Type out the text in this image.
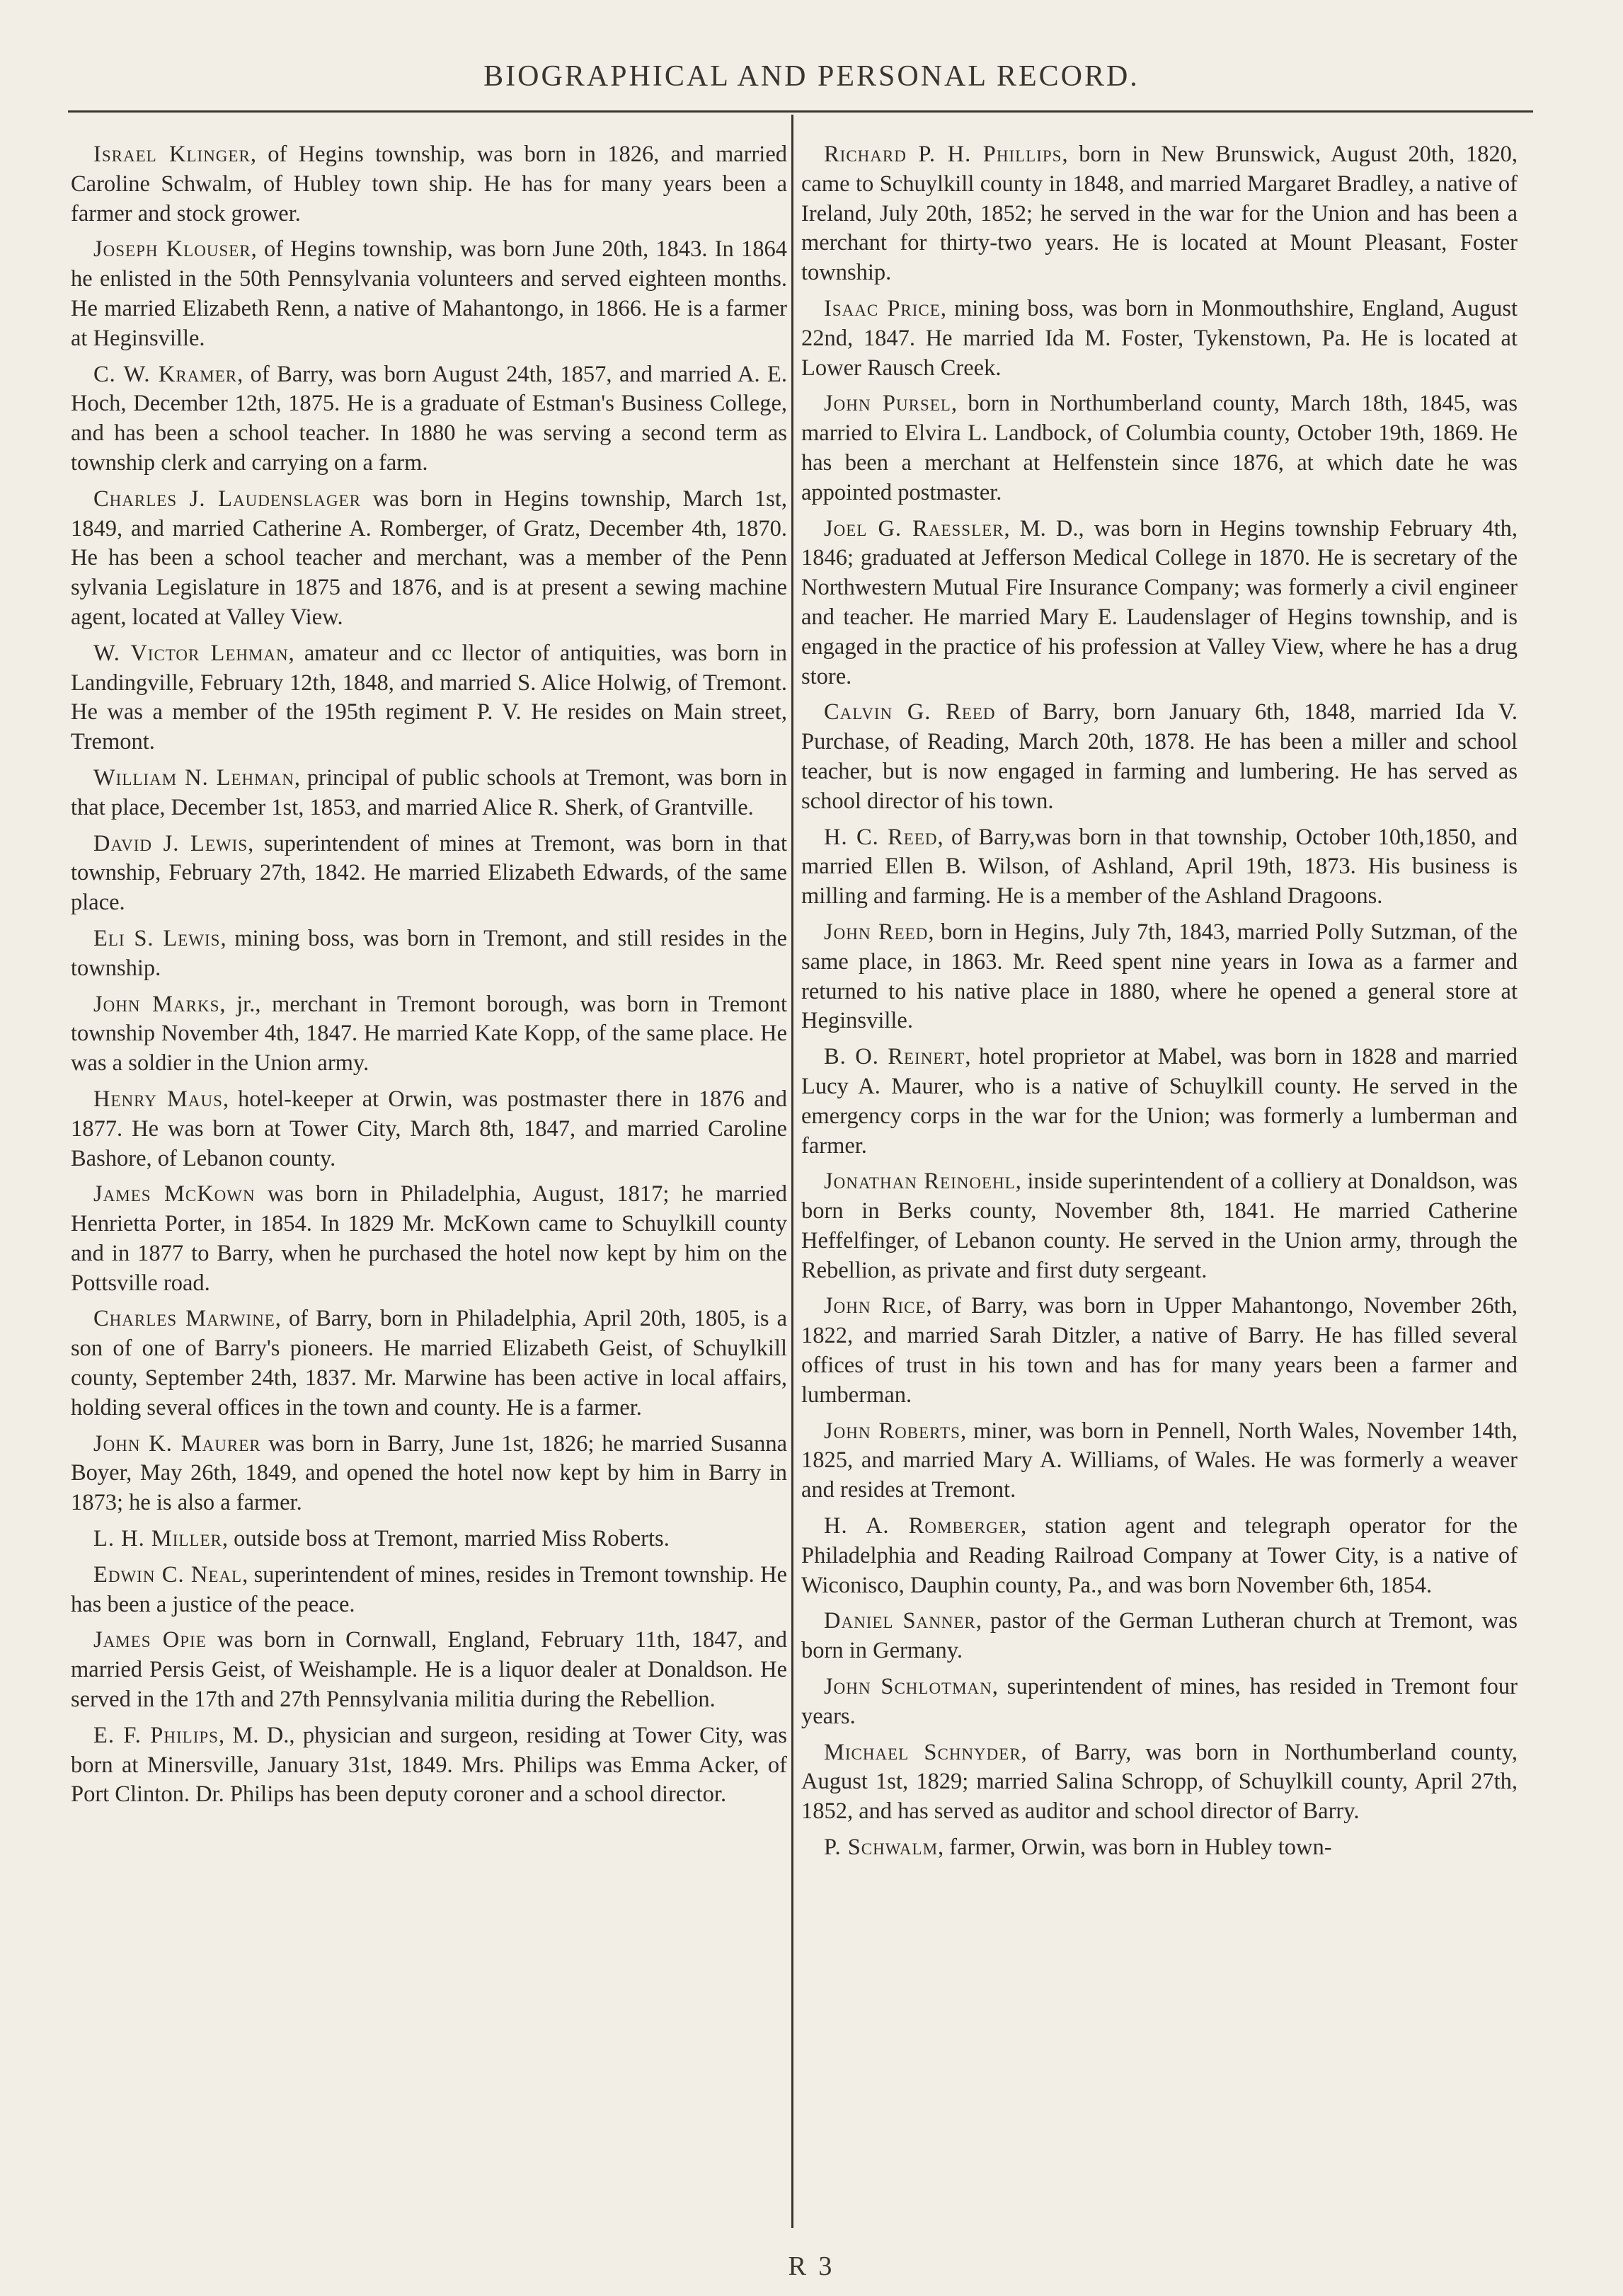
BIOGRAPHICAL AND PERSONAL RECORD.

Israel Klinger, of Hegins township, was born in 1826, and married Caroline Schwalm, of Hubley town ship. He has for many years been a farmer and stock grower.

Joseph Klouser, of Hegins township, was born June 20th, 1843. In 1864 he enlisted in the 50th Pennsylvania volunteers and served eighteen months. He married Elizabeth Renn, a native of Mahantongo, in 1866. He is a farmer at Heginsville.

C. W. Kramer, of Barry, was born August 24th, 1857, and married A. E. Hoch, December 12th, 1875. He is a graduate of Estman's Business College, and has been a school teacher. In 1880 he was serving a second term as township clerk and carrying on a farm.

Charles J. Laudenslager was born in Hegins township, March 1st, 1849, and married Catherine A. Romberger, of Gratz, December 4th, 1870. He has been a school teacher and merchant, was a member of the Penn sylvania Legislature in 1875 and 1876, and is at present a sewing machine agent, located at Valley View.

W. Victor Lehman, amateur and cc llector of antiquities, was born in Landingville, February 12th, 1848, and married S. Alice Holwig, of Tremont. He was a member of the 195th regiment P. V. He resides on Main street, Tremont.

William N. Lehman, principal of public schools at Tremont, was born in that place, December 1st, 1853, and married Alice R. Sherk, of Grantville.

David J. Lewis, superintendent of mines at Tremont, was born in that township, February 27th, 1842. He married Elizabeth Edwards, of the same place.

Eli S. Lewis, mining boss, was born in Tremont, and still resides in the township.

John Marks, jr., merchant in Tremont borough, was born in Tremont township November 4th, 1847. He married Kate Kopp, of the same place. He was a soldier in the Union army.

Henry Maus, hotel-keeper at Orwin, was postmaster there in 1876 and 1877. He was born at Tower City, March 8th, 1847, and married Caroline Bashore, of Lebanon county.

James McKown was born in Philadelphia, August, 1817; he married Henrietta Porter, in 1854. In 1829 Mr. McKown came to Schuylkill county and in 1877 to Barry, when he purchased the hotel now kept by him on the Pottsville road.

Charles Marwine, of Barry, born in Philadelphia, April 20th, 1805, is a son of one of Barry's pioneers. He married Elizabeth Geist, of Schuylkill county, September 24th, 1837. Mr. Marwine has been active in local affairs, holding several offices in the town and county. He is a farmer.

John K. Maurer was born in Barry, June 1st, 1826; he married Susanna Boyer, May 26th, 1849, and opened the hotel now kept by him in Barry in 1873; he is also a farmer.

L. H. Miller, outside boss at Tremont, married Miss Roberts.

Edwin C. Neal, superintendent of mines, resides in Tremont township. He has been a justice of the peace.

James Opie was born in Cornwall, England, February 11th, 1847, and married Persis Geist, of Weishample. He is a liquor dealer at Donaldson. He served in the 17th and 27th Pennsylvania militia during the Rebellion.

E. F. Philips, M. D., physician and surgeon, residing at Tower City, was born at Minersville, January 31st, 1849. Mrs. Philips was Emma Acker, of Port Clinton. Dr. Philips has been deputy coroner and a school director.

Richard P. H. Phillips, born in New Brunswick, August 20th, 1820, came to Schuylkill county in 1848, and married Margaret Bradley, a native of Ireland, July 20th, 1852; he served in the war for the Union and has been a merchant for thirty-two years. He is located at Mount Pleasant, Foster township.

Isaac Price, mining boss, was born in Monmouthshire, England, August 22nd, 1847. He married Ida M. Foster, Tykenstown, Pa. He is located at Lower Rausch Creek.

John Pursel, born in Northumberland county, March 18th, 1845, was married to Elvira L. Landbock, of Columbia county, October 19th, 1869. He has been a merchant at Helfenstein since 1876, at which date he was appointed postmaster.

Joel G. Raessler, M. D., was born in Hegins township February 4th, 1846; graduated at Jefferson Medical College in 1870. He is secretary of the Northwestern Mutual Fire Insurance Company; was formerly a civil engineer and teacher. He married Mary E. Laudenslager of Hegins township, and is engaged in the practice of his profession at Valley View, where he has a drug store.

Calvin G. Reed of Barry, born January 6th, 1848, married Ida V. Purchase, of Reading, March 20th, 1878. He has been a miller and school teacher, but is now engaged in farming and lumbering. He has served as school director of his town.

H. C. Reed, of Barry,was born in that township, October 10th,1850, and married Ellen B. Wilson, of Ashland, April 19th, 1873. His business is milling and farming. He is a member of the Ashland Dragoons.

John Reed, born in Hegins, July 7th, 1843, married Polly Sutzman, of the same place, in 1863. Mr. Reed spent nine years in Iowa as a farmer and returned to his native place in 1880, where he opened a general store at Heginsville.

B. O. Reinert, hotel proprietor at Mabel, was born in 1828 and married Lucy A. Maurer, who is a native of Schuylkill county. He served in the emergency corps in the war for the Union; was formerly a lumberman and farmer.

Jonathan Reinoehl, inside superintendent of a colliery at Donaldson, was born in Berks county, November 8th, 1841. He married Catherine Heffelfinger, of Lebanon county. He served in the Union army, through the Rebellion, as private and first duty sergeant.

John Rice, of Barry, was born in Upper Mahantongo, November 26th, 1822, and married Sarah Ditzler, a native of Barry. He has filled several offices of trust in his town and has for many years been a farmer and lumberman.

John Roberts, miner, was born in Pennell, North Wales, November 14th, 1825, and married Mary A. Williams, of Wales. He was formerly a weaver and resides at Tremont.

H. A. Romberger, station agent and telegraph operator for the Philadelphia and Reading Railroad Company at Tower City, is a native of Wiconisco, Dauphin county, Pa., and was born November 6th, 1854.

Daniel Sanner, pastor of the German Lutheran church at Tremont, was born in Germany.

John Schlotman, superintendent of mines, has resided in Tremont four years.

Michael Schnyder, of Barry, was born in Northumberland county, August 1st, 1829; married Salina Schropp, of Schuylkill county, April 27th, 1852, and has served as auditor and school director of Barry.

P. Schwalm, farmer, Orwin, was born in Hubley town-

R 3
